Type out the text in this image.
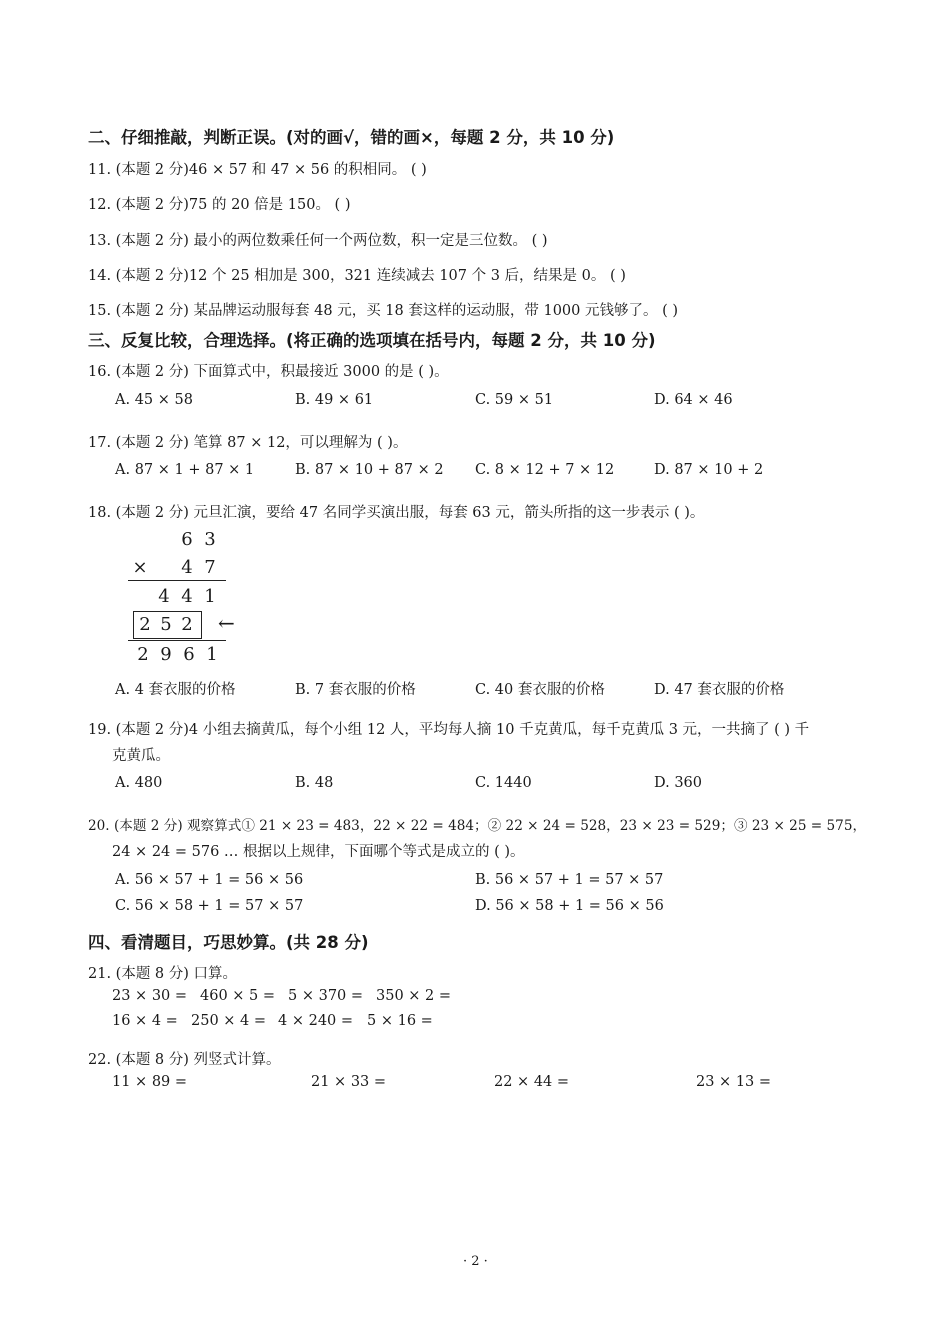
二、仔细推敲，判断正误。(对的画√，错的画×，每题 2 分，共 10 分)
11. (本题 2 分)46 × 57 和 47 × 56 的积相同。 ( )
12. (本题 2 分)75 的 20 倍是 150。 ( )
13. (本题 2 分) 最小的两位数乘任何一个两位数，积一定是三位数。 ( )
14. (本题 2 分)12 个 25 相加是 300，321 连续减去 107 个 3 后，结果是 0。 ( )
15. (本题 2 分) 某品牌运动服每套 48 元，买 18 套这样的运动服，带 1000 元钱够了。 ( )
三、反复比较，合理选择。(将正确的选项填在括号内，每题 2 分，共 10 分)
16. (本题 2 分) 下面算式中，积最接近 3000 的是 ( )。
A. 45 × 58	B. 49 × 61	C. 59 × 51	D. 64 × 46
17. (本题 2 分) 笔算 87 × 12，可以理解为 ( )。
A. 87 × 1 + 87 × 1	B. 87 × 10 + 87 × 2 C. 8 × 12 + 7 × 12	D. 87 × 10 + 2
18. (本题 2 分) 元旦汇演，要给 47 名同学买演出服，每套 63 元，箭头所指的这一步表示 ( )。
6 3
× 4 7
4 4 1
2 5 2 ←
2 9 6 1
A. 4 套衣服的价格	B. 7 套衣服的价格	C. 40 套衣服的价格	D. 47 套衣服的价格
19. (本题 2 分)4 小组去摘黄瓜，每个小组 12 人，平均每人摘 10 千克黄瓜，每千克黄瓜 3 元，一共摘了 ( ) 千
克黄瓜。
A. 480	B. 48	C. 1440	D. 360
20. (本题 2 分) 观察算式① 21 × 23 = 483，22 × 22 = 484；② 22 × 24 = 528，23 × 23 = 529；③ 23 × 25 = 575，
24 × 24 = 576 … 根据以上规律，下面哪个等式是成立的 ( )。
A. 56 × 57 + 1 = 56 × 56	B. 56 × 57 + 1 = 57 × 57
C. 56 × 58 + 1 = 57 × 57	D. 56 × 58 + 1 = 56 × 56
四、看清题目，巧思妙算。(共 28 分)
21. (本题 8 分) 口算。
23 × 30 = 460 × 5 = 5 × 370 = 350 × 2 =
16 × 4 = 250 × 4 = 4 × 240 = 5 × 16 =
22. (本题 8 分) 列竖式计算。
11 × 89 =	21 × 33 =	22 × 44 =	23 × 13 =
· 2 ·
